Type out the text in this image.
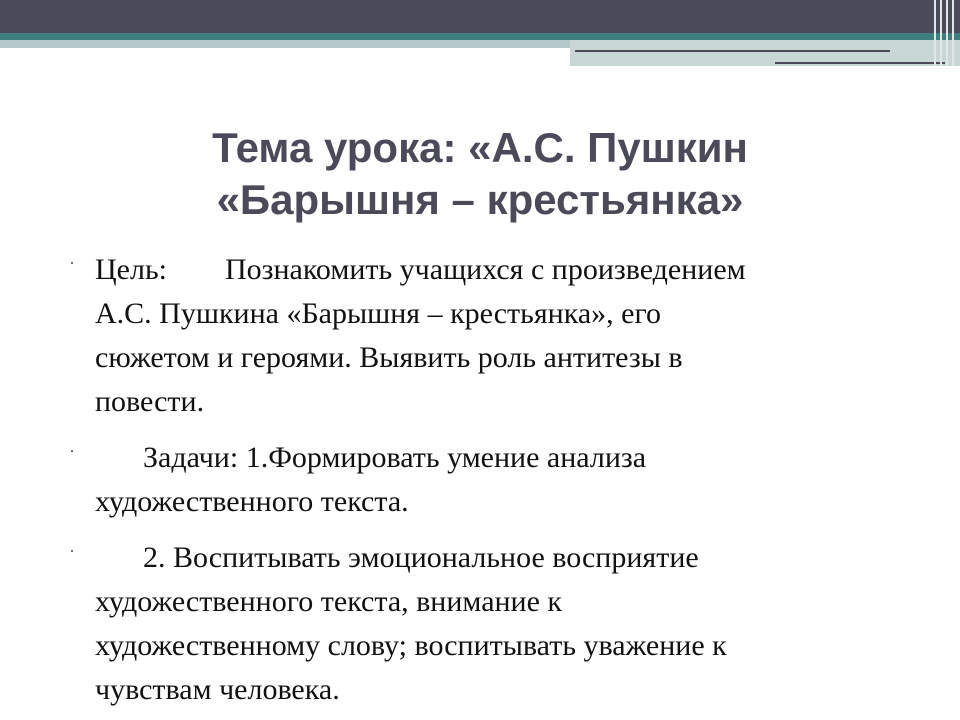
Тема урока: «А.С. Пушкин
«Барышня – крестьянка»
· Цель: Познакомить учащихся с произведением
А.С. Пушкина «Барышня – крестьянка», его
сюжетом и героями. Выявить роль антитезы в
повести.
·	Задачи: 1.Формировать умение анализа
художественного текста.
·	2. Воспитывать эмоциональное восприятие
художественного текста, внимание к
художественному слову; воспитывать уважение к
чувствам человека.
